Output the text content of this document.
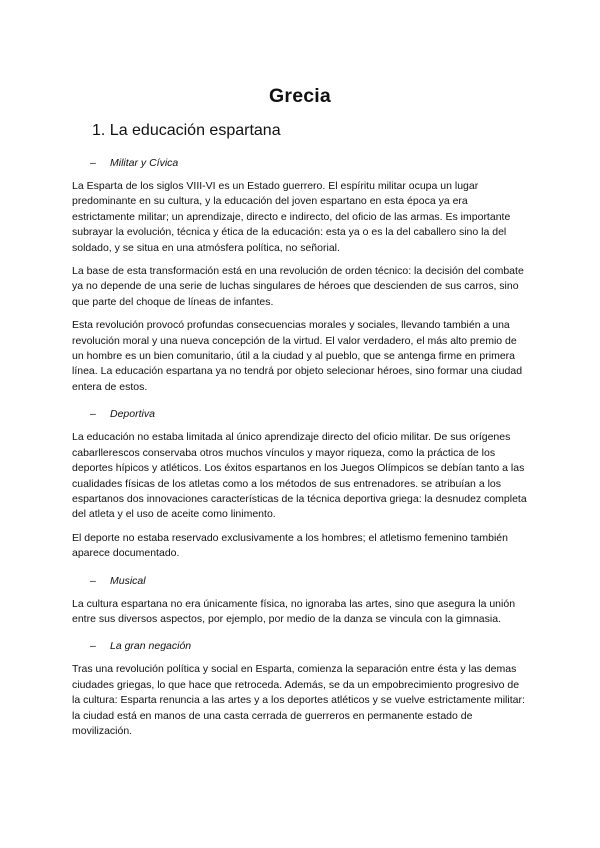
Grecia
1. La educación espartana
–	Militar y Cívica

La Esparta de los siglos VIII-VI es un Estado guerrero. El espíritu militar ocupa un lugar predominante en su cultura, y la educación del joven espartano en esta época ya era estrictamente militar; un aprendizaje, directo e indirecto, del oficio de las armas. Es importante subrayar la evolución, técnica y ética de la educación: esta ya o es la del caballero sino la del soldado, y se situa en una atmósfera política, no señorial.

La base de esta transformación está en una revolución de orden técnico: la decisión del combate ya no depende de una serie de luchas singulares de héroes que descienden de sus carros, sino que parte del choque de líneas de infantes.

Esta revolución provocó profundas consecuencias morales y sociales, llevando también a una revolución moral y una nueva concepción de la virtud. El valor verdadero, el más alto premio de un hombre es un bien comunitario, útil a la ciudad y al pueblo, que se antenga firme en primera línea. La educación espartana ya no tendrá por objeto selecionar héroes, sino formar una ciudad entera de estos.

–	Deportiva

La educación no estaba limitada al único aprendizaje directo del oficio militar. De sus orígenes cabarllerescos conservaba otros muchos vínculos y mayor riqueza, como la práctica de los deportes hípicos y atléticos. Los éxitos espartanos en los Juegos Olímpicos se debían tanto a las cualidades físicas de los atletas como a los métodos de sus entrenadores. se atribuían a los espartanos dos innovaciones características de la técnica deportiva griega: la desnudez completa del atleta y el uso de aceite como linimento.

El deporte no estaba reservado exclusivamente a los hombres; el atletismo femenino también aparece documentado.

–	Musical

La cultura espartana no era únicamente física, no ignoraba las artes, sino que asegura la unión entre sus diversos aspectos, por ejemplo, por medio de la danza se vincula con la gimnasia.

–	La gran negación

Tras una revolución política y social en Esparta, comienza la separación entre ésta y las demas ciudades griegas, lo que hace que retroceda. Además, se da un empobrecimiento progresivo de la cultura: Esparta renuncia a las artes y a los deportes atléticos y se vuelve estrictamente militar: la ciudad está en manos de una casta cerrada de guerreros en permanente estado de movilización.
